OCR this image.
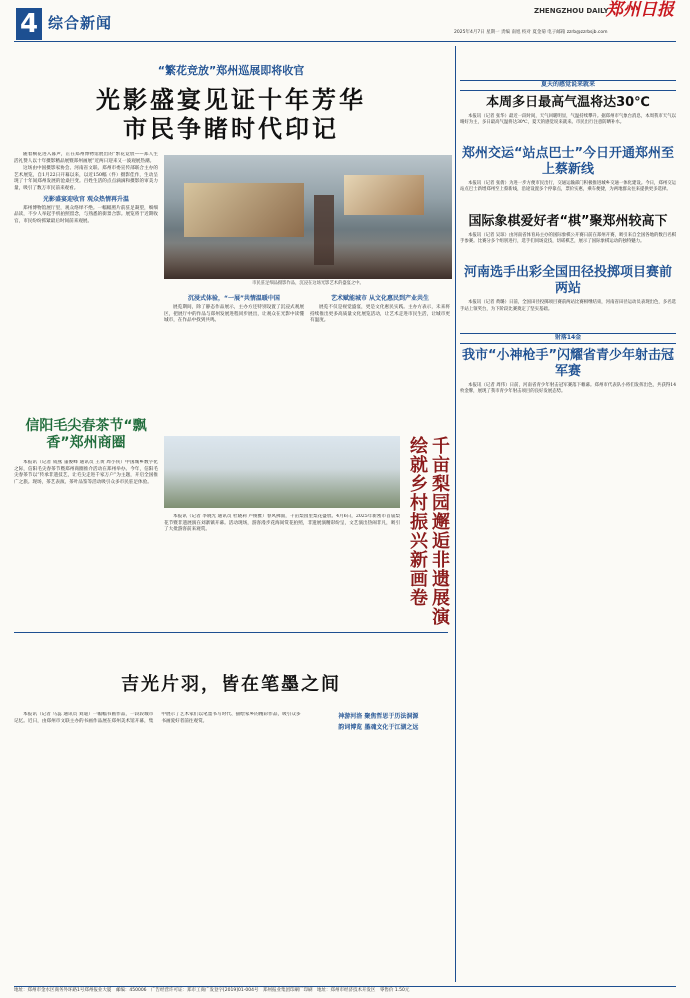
4 综合新闻
ZHENGZHOU DAILY
郑州日报
2025年4月7日 星期一 责编 南旭 校对 夏金菊 电子邮箱 zzrb@zzrbsjb.com
“繁花竞放”郑州巡展即将收官
光影盛宴见证十年芳华
市民争睹时代印记

随着桐花进入暮声，正在郑州博物馆展出的“繁花竞放——郑人生活礼赞人以十年摄影精品展暨郑州画展”近两日迎来又一波观展热潮。

这场由中国摄影家协会、河南省文联、郑州市委宣传部联合主办的艺术展览，自1月22日开幕以来，以近150幅（件）摄影佳作，生动呈现了十年间郑州发展的沧桑巨变。百姓生活的点点滴滴和摄影的审美力量，吸引了数万市民前来观看。

光影盛宴迎收官 观众热情再升温

郑州博物馆展厅里，观众络绎不绝。一幅幅照片前驻足凝望，细细品读，不少人举起手机拍照留念，与熟悉的街景合影。展览将于近期收官，市民纷纷抓紧最后时间前来观展。

市民驻足细品摄影作品，沉浸在这场光影艺术的盛宴之中。
沉浸式体验，“一展”共情温暖中国

展览期间，除了静态作品展示，主办方还特别设置了沉浸式观展区，把展厅中的作品与郑州发展进程同步展出，让观众在光影中读懂城市，在作品中找到共鸣。

艺术赋能城市 从文化惠民到产业共生

展览不仅是视觉盛宴，更是文化惠民实践。主办方表示，未来将持续推出更多高质量文化展览活动，让艺术走进市民生活，让城市更有温度。

信阳毛尖春茶节“飘香”郑州商圈

本报讯（记者 成燕 董俊峰 通讯员 王黄 周小侠）中国城乡数字化之际，信阳毛尖春茶节暨郑州商圈推介活动在郑州举办。今年，信阳毛尖春茶节以“传承非遗技艺，让毛尖走进千家万户”为主题，开启全国推广之旅。现场，茶艺表演、茶叶品鉴等活动吸引众多市民驻足体验。	千亩梨园邂逅非遗展演 绘就乡村振兴新画卷

本报讯（记者 李晓光 通讯员 杜晓莉 卢俊雅）春风拂面，千亩梨园里梨花盛放。4月6日，2025年新密市首届梨花节暨非遗展演在刘寨镇开幕。活动现场，游客漫步花海间赏花拍照，非遗展演精彩纷呈，文艺演出热闹非凡，吸引了大批游客前来观赏。

吉光片羽，皆在笔墨之间

本报讯（记者 马蕊 通讯员 刘迪）一幅幅书画作品，一段段城市记忆。近日，由郑州市文联主办的书画作品展在郑州美术馆开幕，集中展示了艺术家们以笔墨书写时代、描绘家乡的精彩作品，吸引众多书画爱好者前往观赏。

神游河洛 聚焦哲思于历法洞源
韵词博览 墨魂文化于江湖之远
夏天的感觉说来就来
本周多日最高气温将达30℃
本报讯（记者 张华）最近一段时间，天气回暖明显，气温持续攀升。据郑州市气象台消息，本周我市天气以晴好为主，多日最高气温将达30℃，夏天的感觉说来就来。市民出行注意防晒补水。
郑州交运“站点巴士”今日开通郑州至上蔡新线
本报讯（记者 张倩）为进一步方便市民出行，交通运输部门积极推进城乡交通一体化建设。今日，郑州交运站点巴士新增郑州至上蔡新线，沿途设置多个停靠点，票价实惠，乘车便捷，为两地群众往来提供更多选择。
国际象棋爱好者“棋”聚郑州较高下
本报讯（记者 吴琼）由河南省体育局主办的国际象棋公开赛日前在郑州开赛，吸引来自全国各地的数百名棋手参赛。比赛分多个组别进行，选手们同场竞技，切磋棋艺，展示了国际象棋运动的独特魅力。
河南选手出彩全国田径投掷项目赛前两站
本报讯（记者 黄璐）日前，全国田径投掷项目赛前两站比赛相继结束，河南省田径运动员表现出色，多名选手站上领奖台，为下阶段比赛奠定了坚实基础。
射落14金
我市“小神枪手”闪耀省青少年射击冠军赛
本报讯（记者 周伟）日前，河南省青少年射击冠军赛落下帷幕。郑州市代表队小将们发挥出色，共获得14枚金牌，展现了我市青少年射击项目的良好发展态势。
地址：郑州市金水区商务外环路1号郑州报业大厦　邮编：450006　广告经营许可证：郑市工商广发登字[2019]01-004号　郑州报业集团印刷厂印刷　地址：郑州市经济技术开发区　零售价 1.50元
